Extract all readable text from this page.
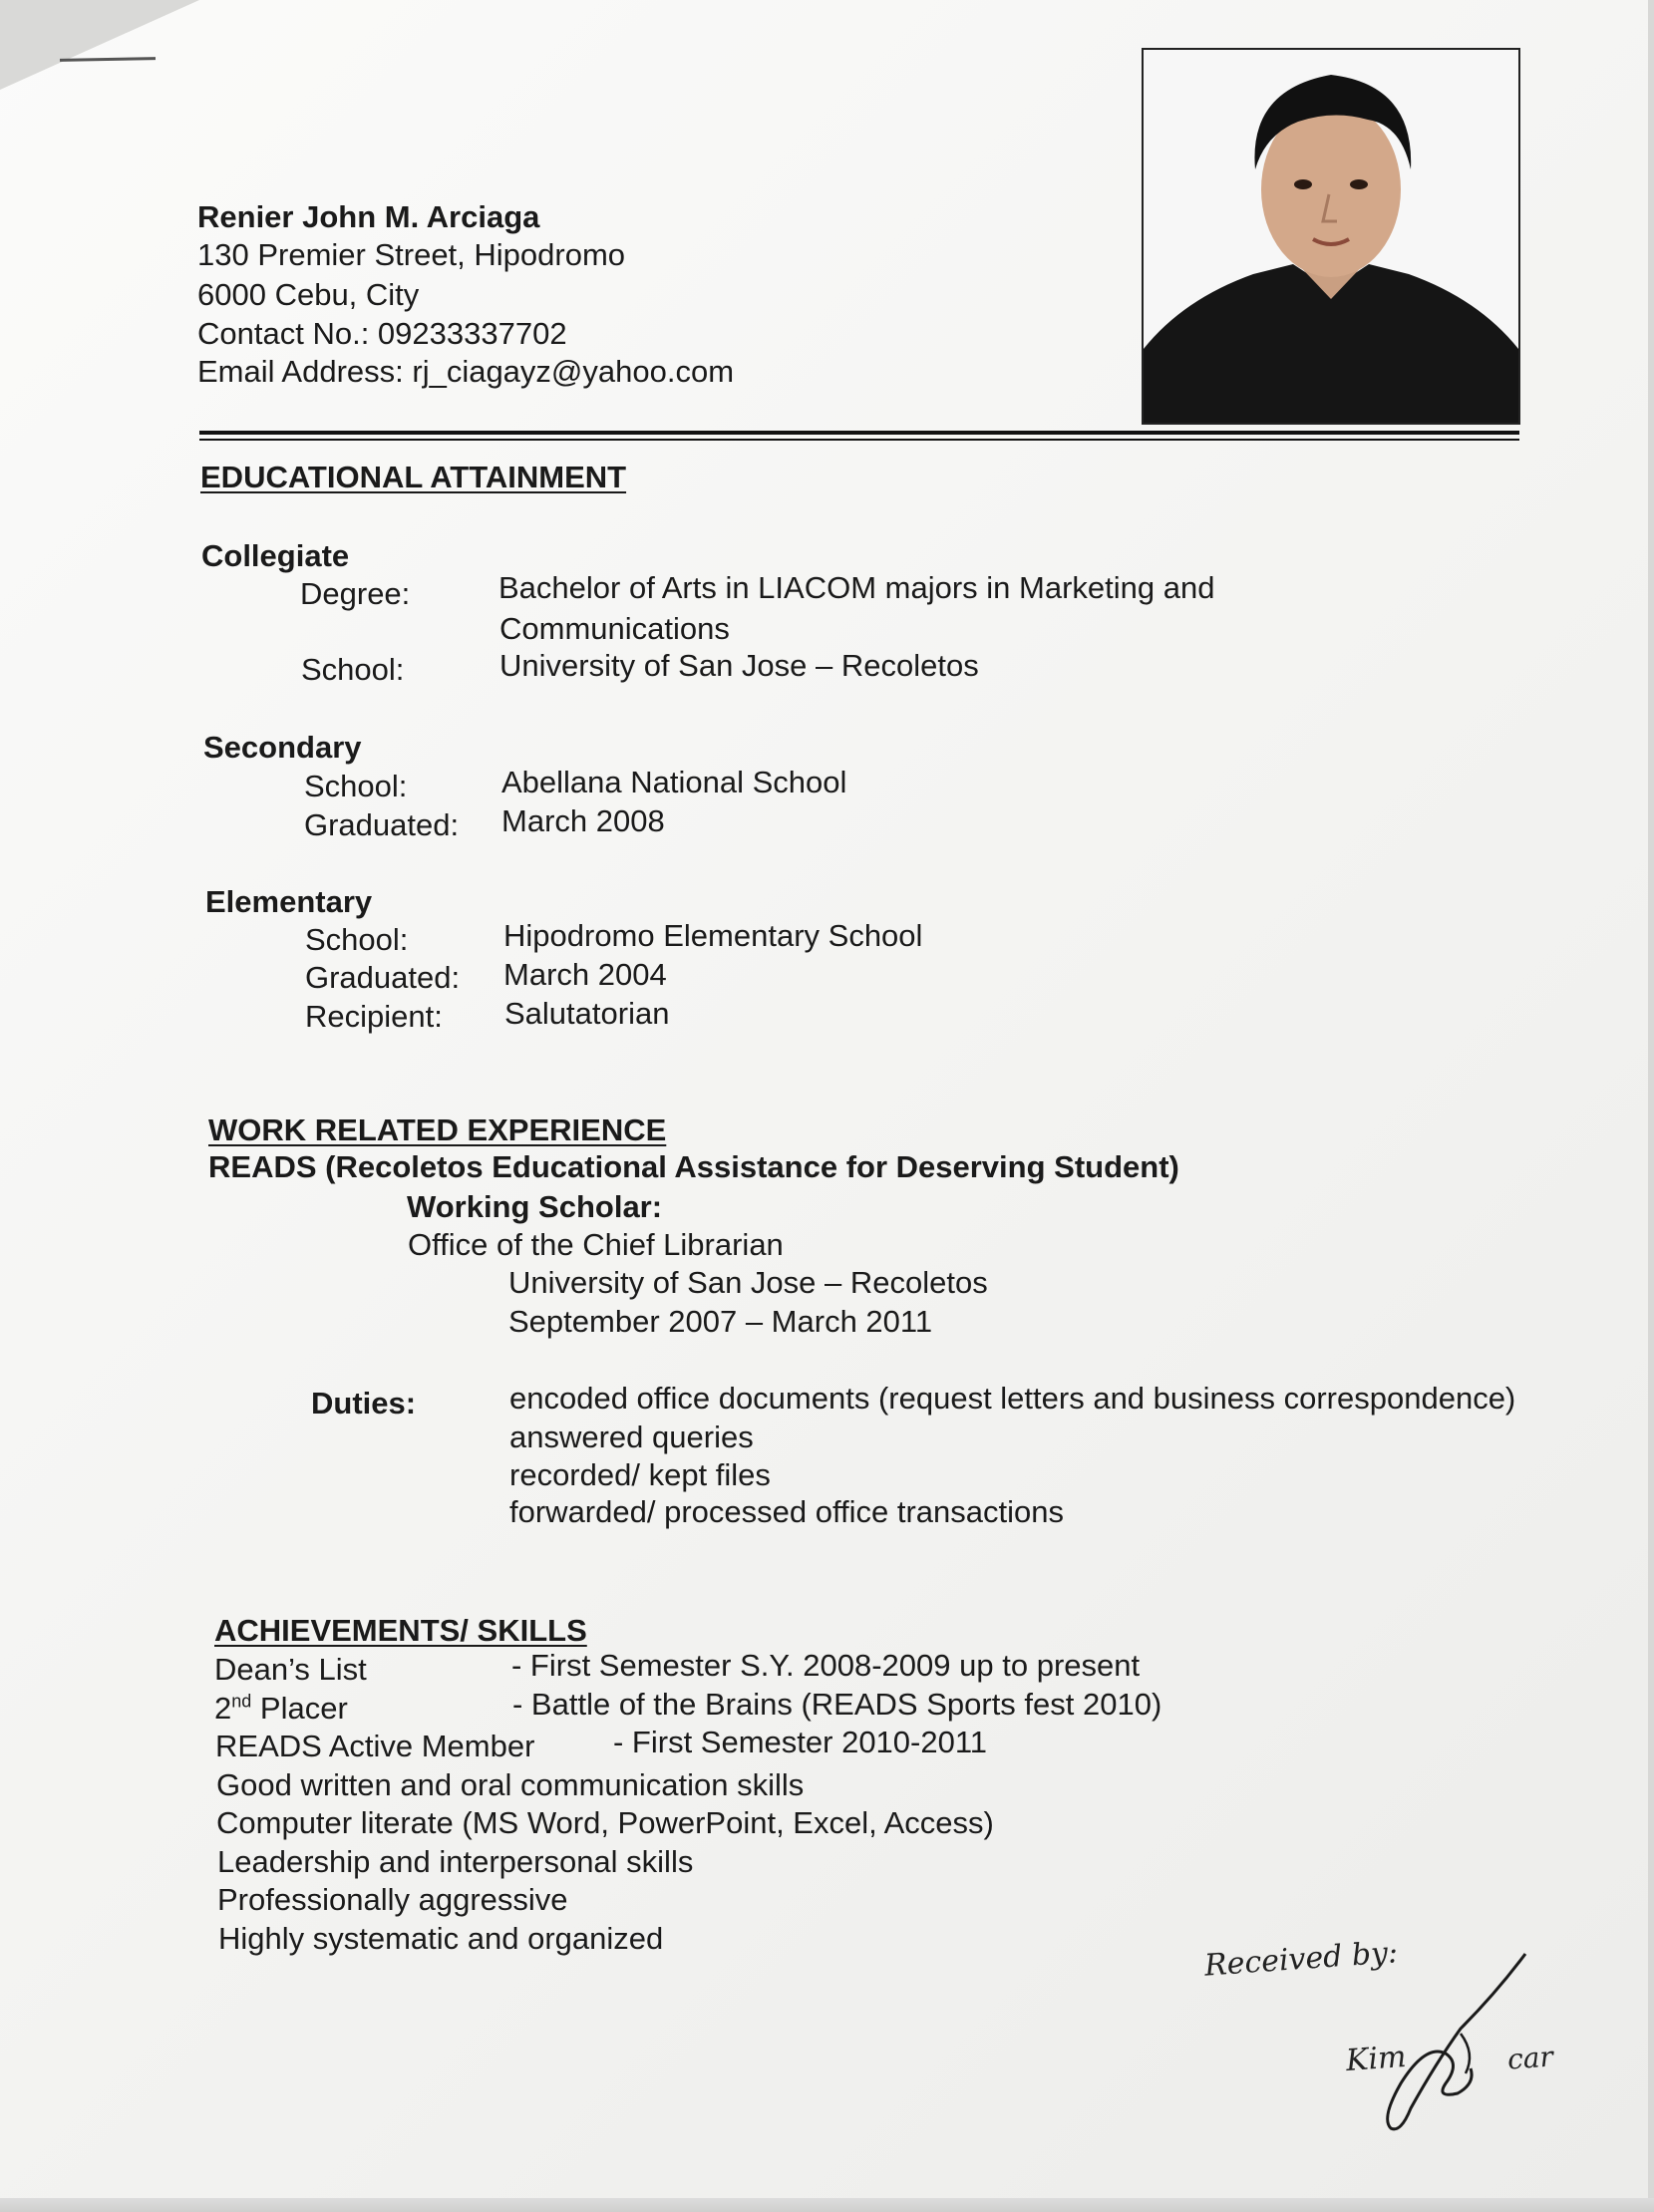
Renier John M. Arciaga
130 Premier Street, Hipodromo
6000 Cebu, City
Contact No.: 09233337702
Email Address: rj_ciagayz@yahoo.com
EDUCATIONAL ATTAINMENT
Collegiate
Degree:	Bachelor of Arts in LIACOM majors in Marketing and
Communications
School:	University of San Jose – Recoletos
Secondary
School:	Abellana National School
Graduated: March 2008
Elementary
School:	Hipodromo Elementary School
Graduated: March 2004
Recipient: Salutatorian
WORK RELATED EXPERIENCE
READS (Recoletos Educational Assistance for Deserving Student)
Working Scholar:
Office of the Chief Librarian
University of San Jose – Recoletos
September 2007 – March 2011
Duties:	encoded office documents (request letters and business correspondence)
answered queries
recorded/ kept files
forwarded/ processed office transactions
ACHIEVEMENTS/ SKILLS
Dean’s List	- First Semester S.Y. 2008-2009 up to present
2nd Placer	- Battle of the Brains (READS Sports fest 2010)
READS Active Member	- First Semester 2010-2011
Good written and oral communication skills
Computer literate (MS Word, PowerPoint, Excel, Access)
Leadership and interpersonal skills
Professionally aggressive
Highly systematic and organized	Received by:
Kim	car
